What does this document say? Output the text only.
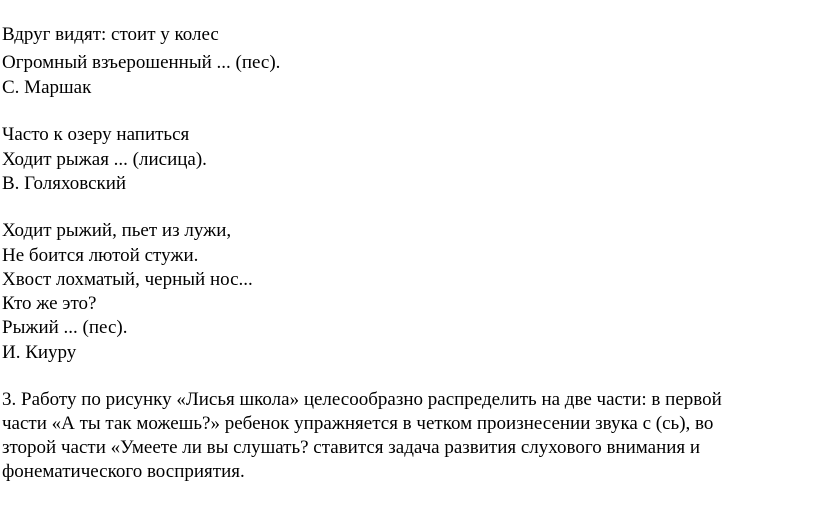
Вдруг видят: стоит у колес

Огромный взъерошенный ... (пес).

С. Маршак

Часто к озеру напиться

Ходит рыжая ... (лисица).

В. Голяховский

Ходит рыжий, пьет из лужи,

Не боится лютой стужи.

Хвост лохматый, черный нос...

Кто же это?

Рыжий ... (пес).

И. Киуру

3. Работу по рисунку «Лисья школа» целесообразно распределить на две части: в первой

части «А ты так можешь?» ребенок упражняется в четком произнесении звука с (сь), во

зторой части «Умеете ли вы слушать? ставится задача развития слухового внимания и

фонематического восприятия.
